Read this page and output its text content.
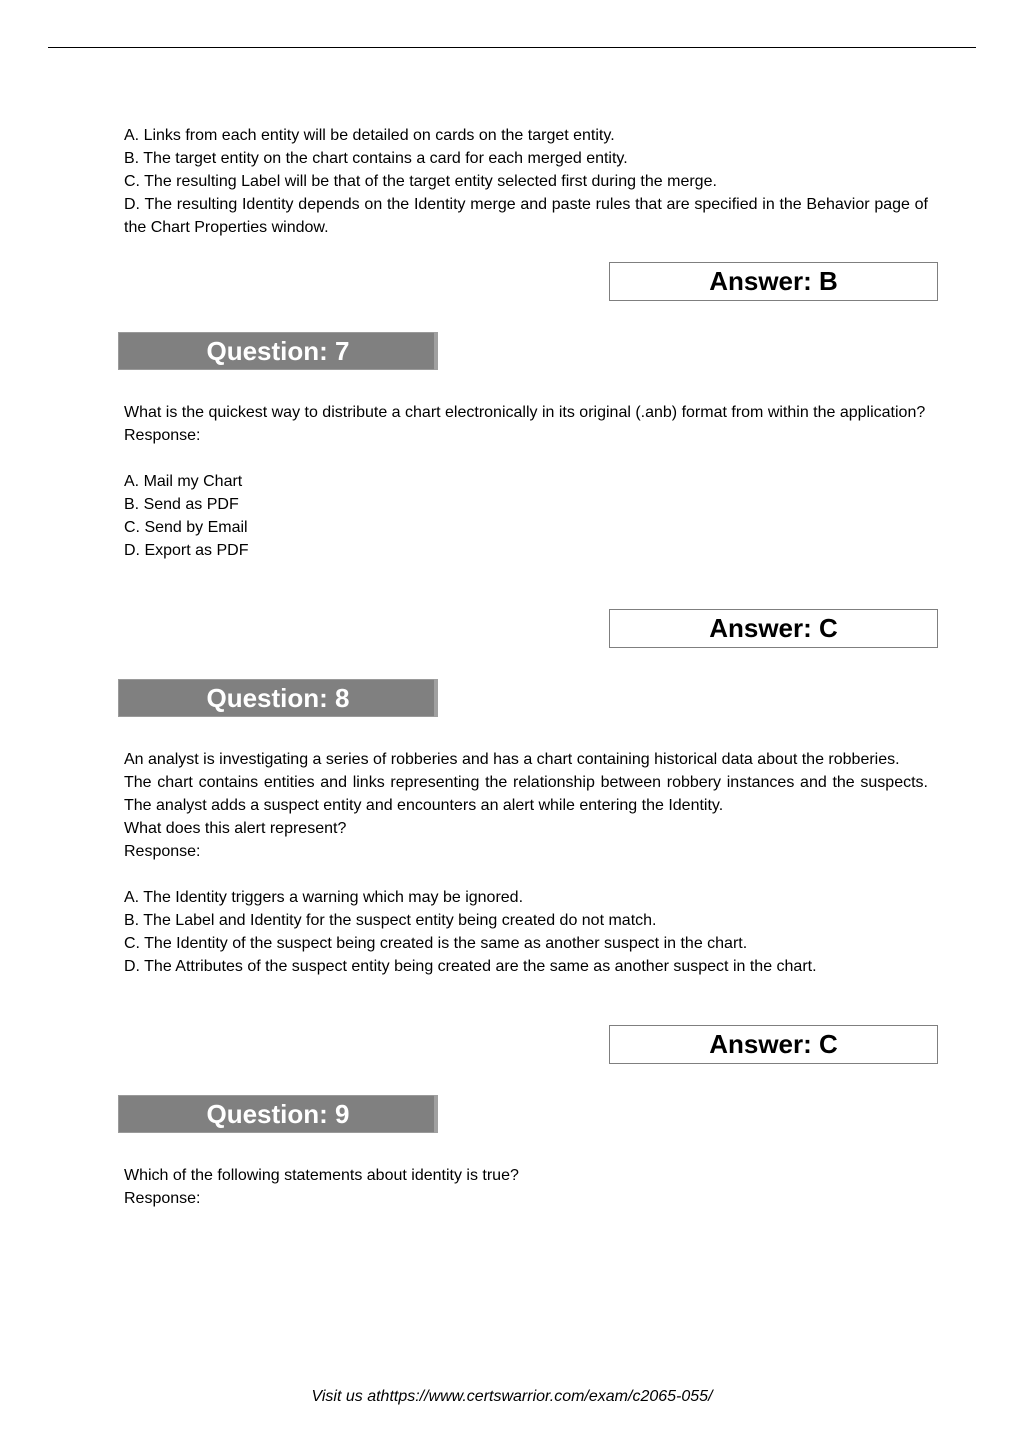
A. Links from each entity will be detailed on cards on the target entity.

B. The target entity on the chart contains a card for each merged entity.

C. The resulting Label will be that of the target entity selected first during the merge.

D. The resulting Identity depends on the Identity merge and paste rules that are specified in the Behavior page of the Chart Properties window.

Answer: B
Question: 7

What is the quickest way to distribute a chart electronically in its original (.anb) format from within the application?

Response:

A. Mail my Chart

B. Send as PDF

C. Send by Email

D. Export as PDF

Answer: C
Question: 8

An analyst is investigating a series of robberies and has a chart containing historical data about the robberies.

The chart contains entities and links representing the relationship between robbery instances and the suspects. The analyst adds a suspect entity and encounters an alert while entering the Identity.

What does this alert represent?

Response:

A. The Identity triggers a warning which may be ignored.

B. The Label and Identity for the suspect entity being created do not match.

C. The Identity of the suspect being created is the same as another suspect in the chart.

D. The Attributes of the suspect entity being created are the same as another suspect in the chart.

Answer: C
Question: 9

Which of the following statements about identity is true?

Response:

Visit us athttps://www.certswarrior.com/exam/c2065-055/
